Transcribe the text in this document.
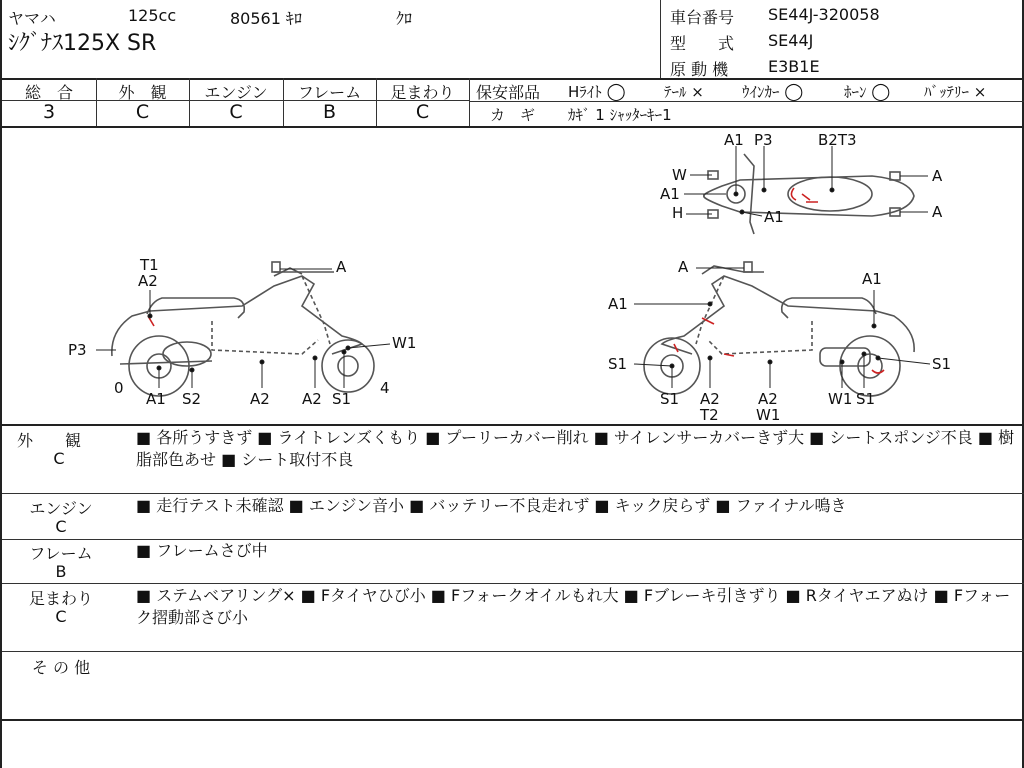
ヤマハ	125cc	80561 ｷﾛ	ｸﾛ
ｼｸﾞﾅｽ125X SR
車台番号 SE44J-320058
型　　式 SE44J
原 動 機 E3B1E
総　合	外　観	エンジン	フレーム	足まわり
3	C	C	B	C
保安部品 Hﾗｲﾄ ◯	ﾃｰﾙ ×	ｳｲﾝｶｰ ◯	ﾎｰﾝ ◯ ﾊﾞｯﾃﾘｰ ×
カ　ギ ｶｷﾞ 1 ｼｬｯﾀｰｷｰ1
T1
A2
A
P3	W1
0	4
A1 S2	A2 A2 S1
A
A1
A1
S1	S1
S1 A2
T2
A2
W1
W1 S1
A1 P3	B2T3
W
A1
H	A1
A
A
外　　観
C
■ 各所うすきず ■ ライトレンズくもり ■ プーリーカバー削れ ■ サイレンサーカバーきず大 ■ シートスポンジ不良 ■ 樹脂部色あせ ■ シート取付不良
エンジン
C
■ 走行テスト未確認 ■ エンジン音小 ■ バッテリー不良走れず ■ キック戻らず ■ ファイナル鳴き
フレーム
B
■ フレームさび中
足まわり
C
■ ステムベアリング× ■ Fタイヤひび小 ■ Fフォークオイルもれ大 ■ Fブレーキ引きずり ■ Rタイヤエアぬけ ■ Fフォーク摺動部さび小
そ の 他
